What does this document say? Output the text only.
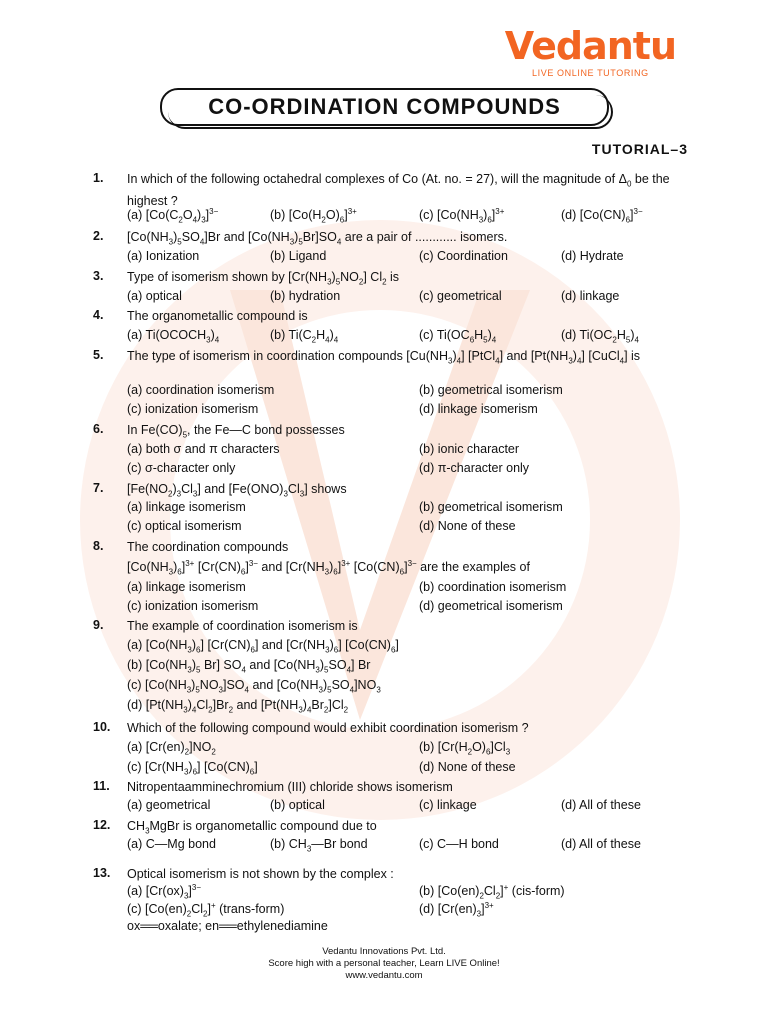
Vedantu
LIVE ONLINE TUTORING
CO-ORDINATION COMPOUNDS
TUTORIAL–3
1. In which of the following octahedral complexes of Co (At. no. = 27), will the magnitude of $\Delta_0$ be the highest ?
(a) $[Co(C_2O_4)_3]^{3-}$	(b) $[Co(H_2O)_6]^{3+}$	(c) $[Co(NH_3)_6]^{3+}$	(d) $[Co(CN)_6]^{3-}$
2. $[Co(NH_3)_5SO_4]Br$ and $[Co(NH_3)_5Br]SO_4$ are a pair of ............ isomers.
(a) Ionization	(b) Ligand	(c) Coordination	(d) Hydrate
3. Type of isomerism shown by $[Cr(NH_3)_5NO_2]$ $Cl_2$ is
(a) optical	(b) hydration	(c) geometrical	(d) linkage
4. The organometallic compound is
(a) $Ti(OCOCH_3)_4$	(b) $Ti(C_2H_4)_4$	(c) $Ti(OC_6H_5)_4$	(d) $Ti(OC_2H_5)_4$
5. The type of isomerism in coordination compounds $[Cu(NH_3)_4]$ [PtCl$_4$] and $[Pt(NH_3)_4]$ [CuCl$_4$] is
(a) coordination isomerism	(b) geometrical isomerism
(c) ionization isomerism	(d) linkage isomerism
6. In $Fe(CO)_5$, the Fe—C bond possesses
(a) both σ and π characters	(b) ionic character
(c) σ-character only	(d) π-character only
7. $[Fe(NO_2)_3Cl_3]$ and $[Fe(ONO)_3Cl_3]$ shows
(a) linkage isomerism	(b) geometrical isomerism
(c) optical isomerism	(d) None of these
8. The coordination compounds
$[Co(NH_3)_6]^{3+}$ $[Cr(CN)_6]^{3-}$ and $[Cr(NH_3)_6]^{3+}$ $[Co(CN)_6]^{3-}$ are the examples of
(a) linkage isomerism	(b) coordination isomerism
(c) ionization isomerism	(d) geometrical isomerism
9. The example of coordination isomerism is
(a) $[Co(NH_3)_6]$ $[Cr(CN)_6]$ and $[Cr(NH_3)_6]$ $[Co(CN)_6]$
(b) [$Co(NH_3)_5$ Br] $SO_4$ and $[Co(NH_3)_5SO_4]$ Br
(c) $[Co(NH_3)_5NO_3]SO_4$ and $[Co(NH_3)_5SO_4]NO_3$
(d) $[Pt(NH_3)_4Cl_2]Br_2$ and $[Pt(NH_3)_4Br_2]Cl_2$
10. Which of the following compound would exhibit coordination isomerism ?
(a) $[Cr(en)_2]NO_2$	(b) $[Cr(H_2O)_6]Cl_3$
(c) $[Cr(NH_3)_6]$ $[Co(CN)_6]$	(d) None of these
11. Nitropentaamminechromium (III) chloride shows isomerism
(a) geometrical	(b) optical	(c) linkage	(d) All of these
12. $CH_3MgBr$ is organometallic compound due to
(a) C—Mg bond	(b) $CH_3—Br$ bond	(c) C—H bond	(d) All of these
13. Optical isomerism is not shown by the complex :
(a) $[Cr(ox)_3]^{3-}$	(b) $[Co(en)_2Cl_2]^+$ (cis-form)
(c) $[Co(en)_2Cl_2]^+$ (trans-form)	(d) $[Cr(en)_3]^{3+}$
ox══oxalate; en══ethylenediamine
Vedantu Innovations Pvt. Ltd.
Score high with a personal teacher, Learn LIVE Online!
www.vedantu.com
